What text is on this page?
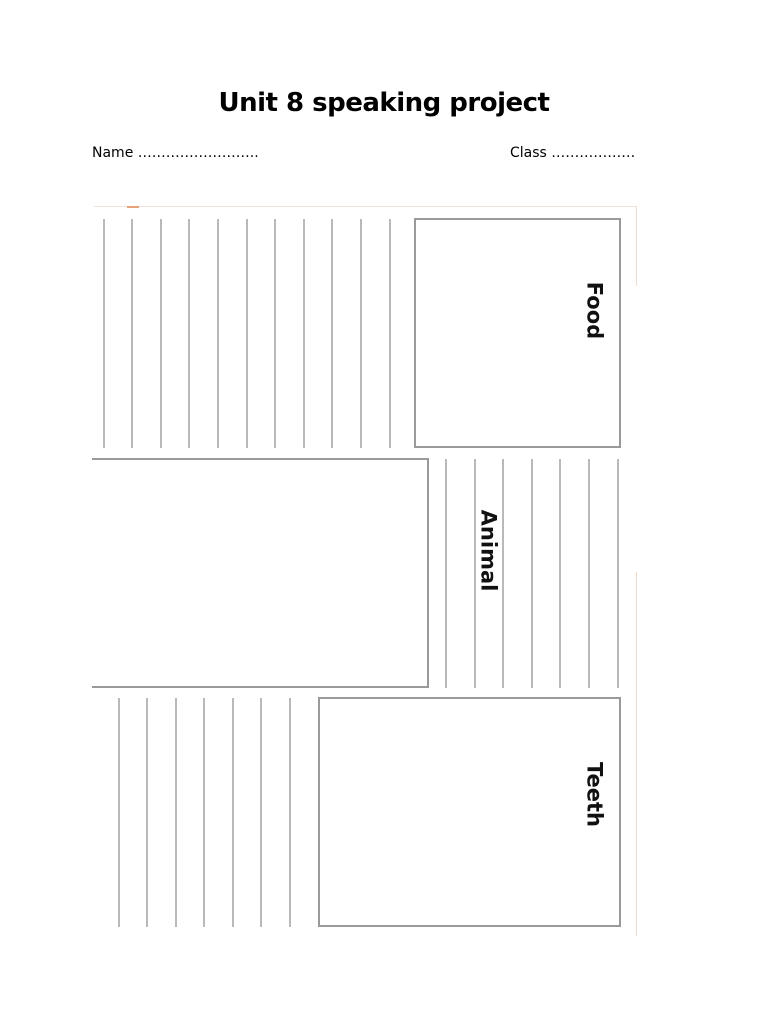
Unit 8 speaking project
Name ……………………..	Class ………………
Food
Animal
Teeth
